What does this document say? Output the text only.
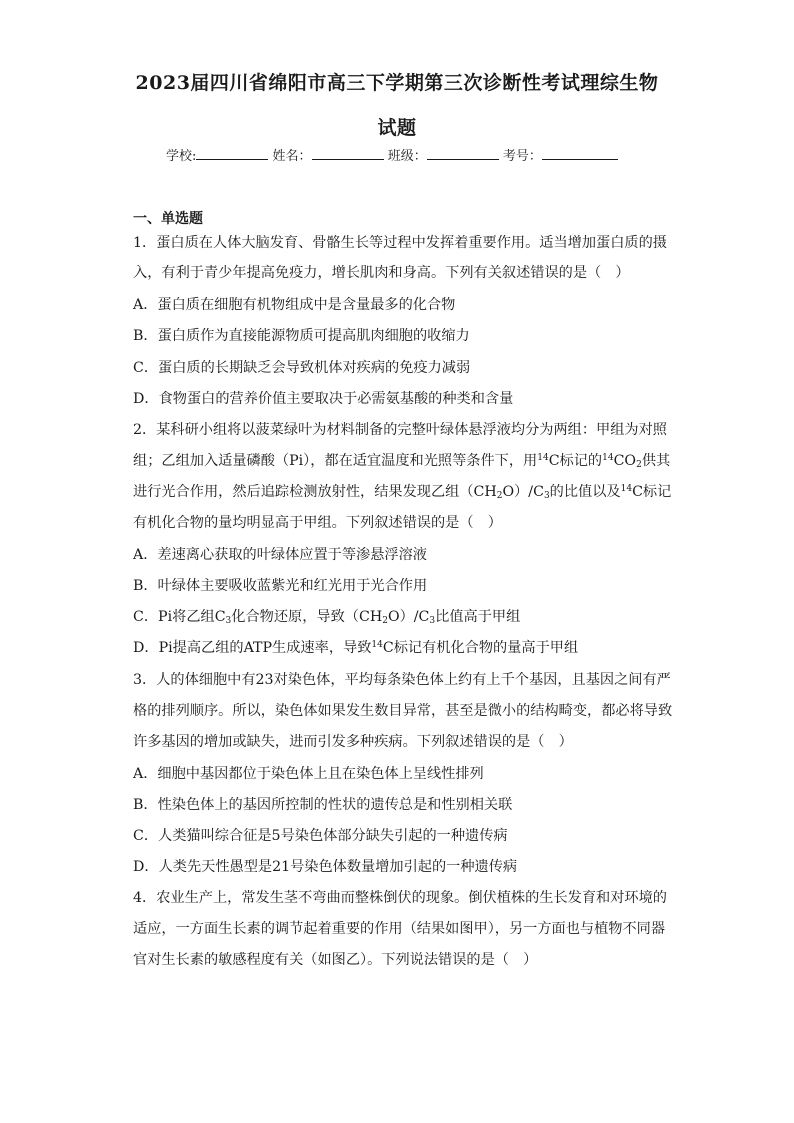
2023届四川省绵阳市高三下学期第三次诊断性考试理综生物
试题
学校:	姓名：	班级：	考号：
一、单选题
1．蛋白质在人体大脑发育、骨骼生长等过程中发挥着重要作用。适当增加蛋白质的摄
入，有利于青少年提高免疫力，增长肌肉和身高。下列有关叙述错误的是（　）
A．蛋白质在细胞有机物组成中是含量最多的化合物
B．蛋白质作为直接能源物质可提高肌肉细胞的收缩力
C．蛋白质的长期缺乏会导致机体对疾病的免疫力减弱
D．食物蛋白的营养价值主要取决于必需氨基酸的种类和含量
2．某科研小组将以菠菜绿叶为材料制备的完整叶绿体悬浮液均分为两组：甲组为对照
组；乙组加入适量磷酸（Pi），都在适宜温度和光照等条件下，用$^{14}$C标记的$^{14}CO_2$供其
进行光合作用，然后追踪检测放射性，结果发现乙组$(CH_2O)/C_3$的比值以及$^{14}$C标记
有机化合物的量均明显高于甲组。下列叙述错误的是（　）
A．差速离心获取的叶绿体应置于等渗悬浮溶液
B．叶绿体主要吸收蓝紫光和红光用于光合作用
C．Pi将乙组$C_3$化合物还原，导致$(CH_2O)/C_3$比值高于甲组
D．Pi提高乙组的ATP生成速率，导致$^{14}$C标记有机化合物的量高于甲组
3．人的体细胞中有23对染色体，平均每条染色体上约有上千个基因，且基因之间有严
格的排列顺序。所以，染色体如果发生数目异常，甚至是微小的结构畸变，都必将导致
许多基因的增加或缺失，进而引发多种疾病。下列叙述错误的是（　）
A．细胞中基因都位于染色体上且在染色体上呈线性排列
B．性染色体上的基因所控制的性状的遗传总是和性别相关联
C．人类猫叫综合征是5号染色体部分缺失引起的一种遗传病
D．人类先天性愚型是21号染色体数量增加引起的一种遗传病
4．农业生产上，常发生茎不弯曲而整株倒伏的现象。倒伏植株的生长发育和对环境的
适应，一方面生长素的调节起着重要的作用（结果如图甲），另一方面也与植物不同器
官对生长素的敏感程度有关（如图乙）。下列说法错误的是（　）
